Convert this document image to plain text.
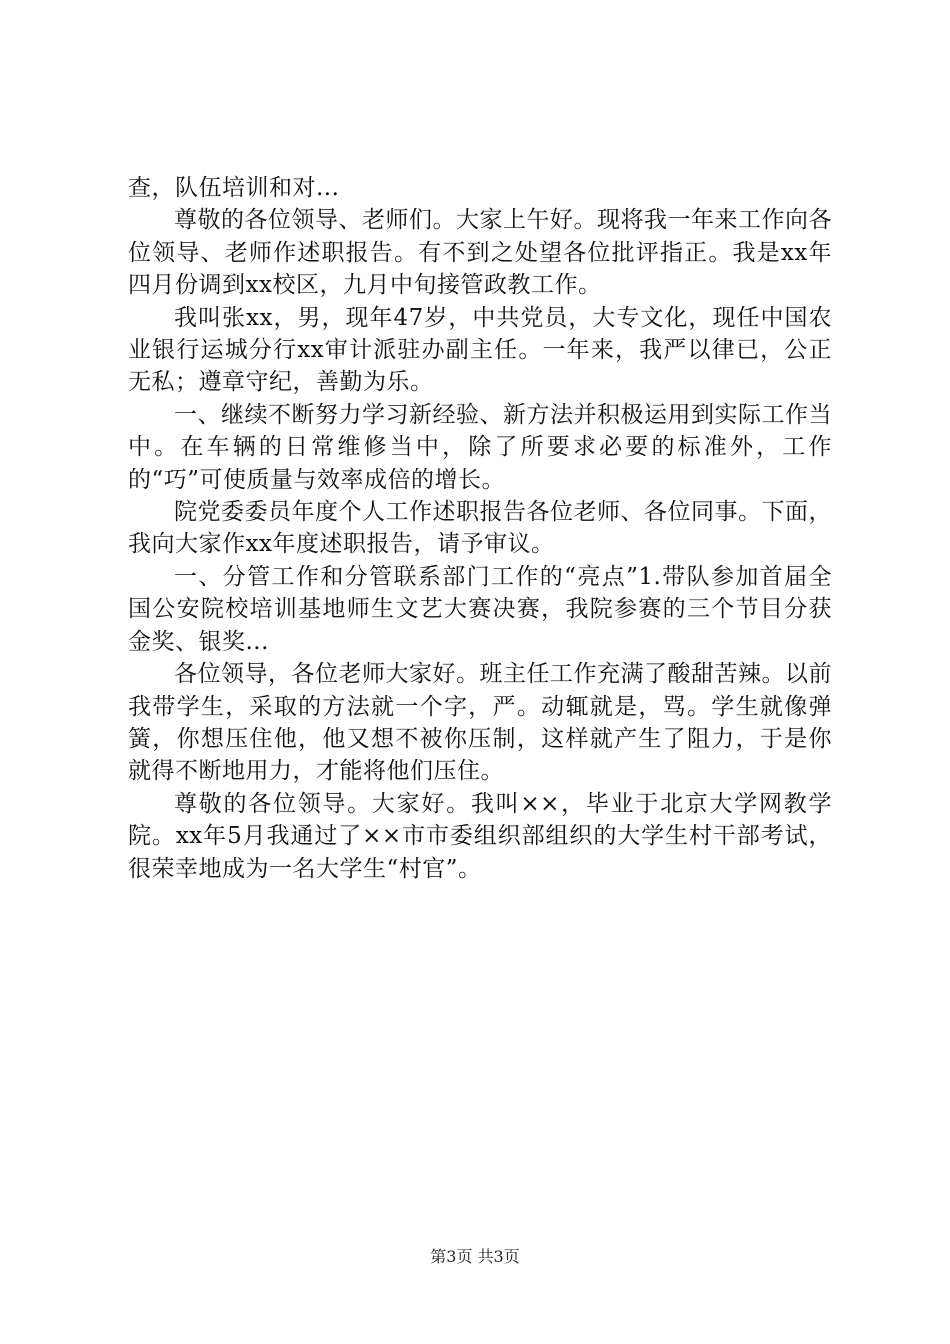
查，队伍培训和对...

尊敬的各位领导、老师们。大家上午好。现将我一年来工作向各位领导、老师作述职报告。有不到之处望各位批评指正。我是xx年四月份调到xx校区，九月中旬接管政教工作。

我叫张xx，男，现年47岁，中共党员，大专文化，现任中国农业银行运城分行xx审计派驻办副主任。一年来，我严以律已，公正无私；遵章守纪，善勤为乐。

一、继续不断努力学习新经验、新方法并积极运用到实际工作当中。在车辆的日常维修当中，除了所要求必要的标准外，工作的“巧”可使质量与效率成倍的增长。

院党委委员年度个人工作述职报告各位老师、各位同事。下面，我向大家作xx年度述职报告，请予审议。

一、分管工作和分管联系部门工作的“亮点”1.带队参加首届全国公安院校培训基地师生文艺大赛决赛，我院参赛的三个节目分获金奖、银奖...

各位领导，各位老师大家好。班主任工作充满了酸甜苦辣。以前我带学生，采取的方法就一个字，严。动辄就是，骂。学生就像弹簧，你想压住他，他又想不被你压制，这样就产生了阻力，于是你就得不断地用力，才能将他们压住。

尊敬的各位领导。大家好。我叫××，毕业于北京大学网教学院。xx年5月我通过了××市市委组织部组织的大学生村干部考试，很荣幸地成为一名大学生“村官”。

第3页 共3页
